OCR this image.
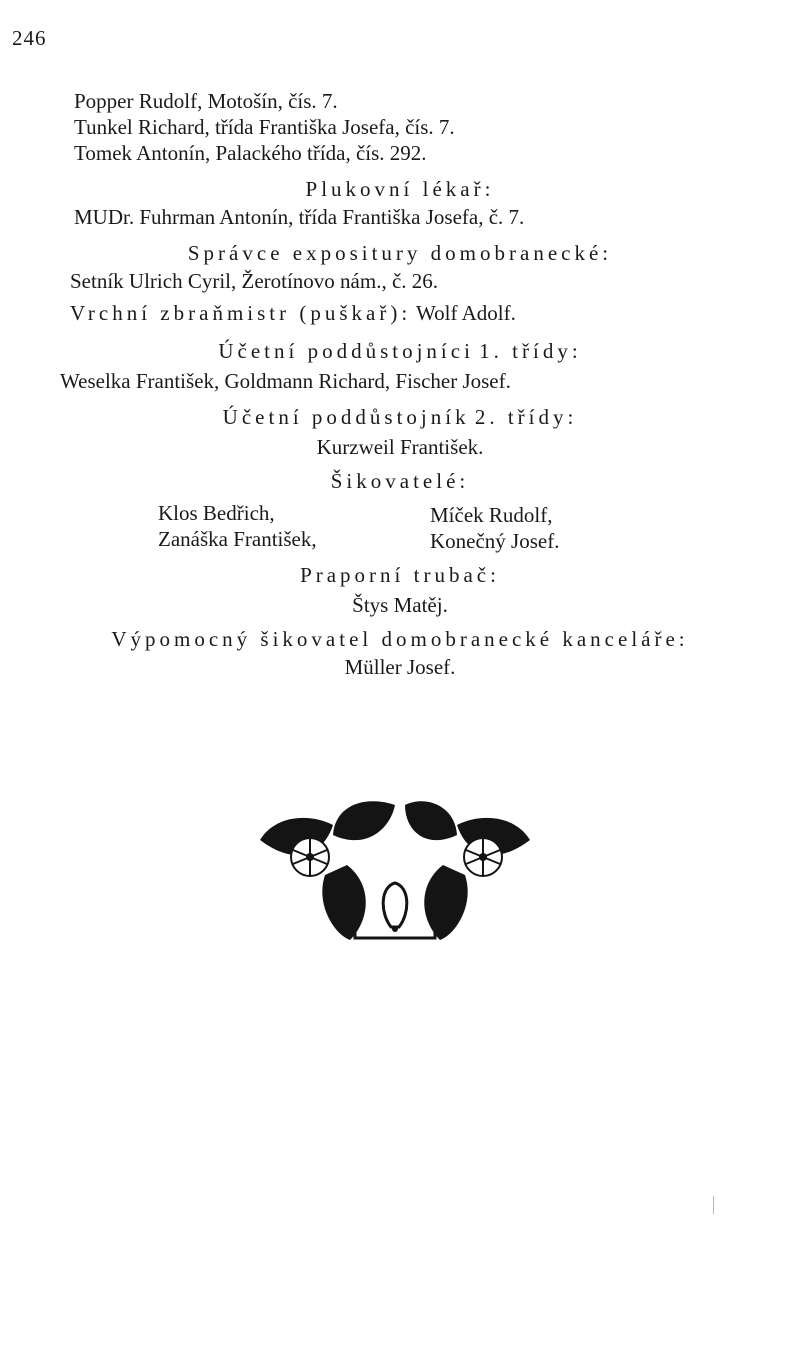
246
Popper Rudolf, Motošín, čís. 7.
Tunkel Richard, třída Františka Josefa, čís. 7.
Tomek Antonín, Palackého třída, čís. 292.
Plukovní lékař:
MUDr. Fuhrman Antonín, třída Františka Josefa, č. 7.
Správce expositury domobranecké:
Setník Ulrich Cyril, Žerotínovo nám., č. 26.
Vrchní zbraňmistr (puškař): Wolf Adolf.
Účetní poddůstojníci 1. třídy:
Weselka František, Goldmann Richard, Fischer Josef.
Účetní poddůstojník 2. třídy:
Kurzweil František.
Šikovatelé:
Klos Bedřich,
Zanáška František,
Míček Rudolf,
Konečný Josef.
Praporní trubač:
Štys Matěj.
Výpomocný šikovatel domobranecké kanceláře:
Müller Josef.
